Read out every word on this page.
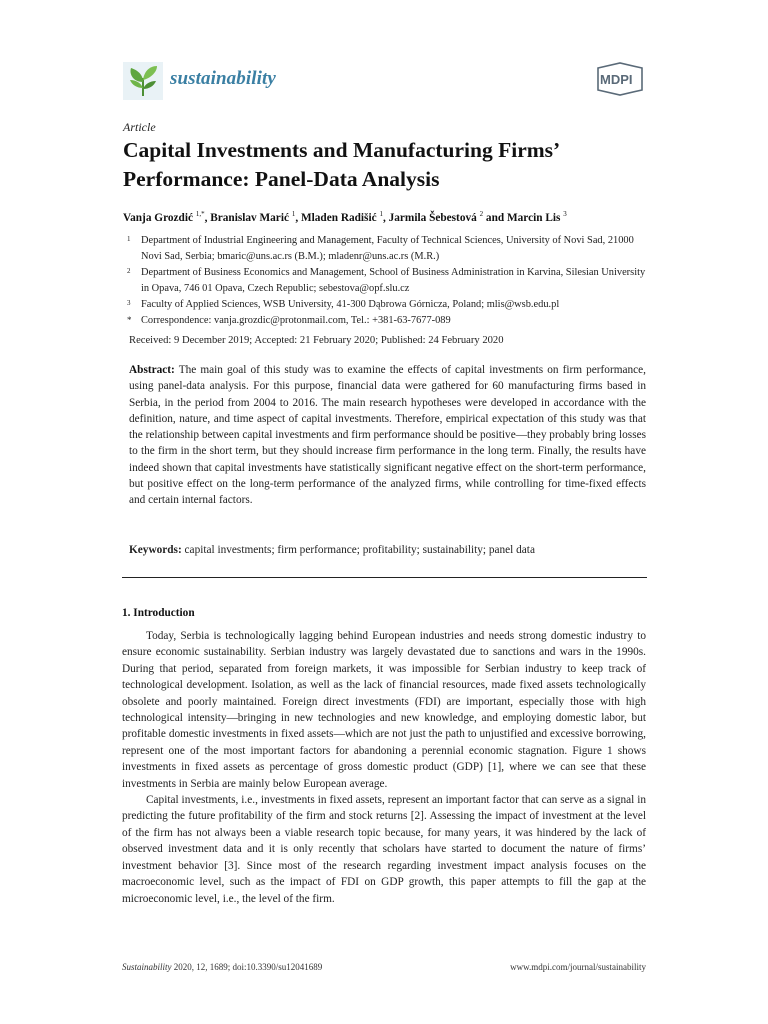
sustainability	MDPI
Article
Capital Investments and Manufacturing Firms’ Performance: Panel-Data Analysis
Vanja Grozdić $^{1,*}$, Branislav Marić $^1$, Mladen Radišić $^1$, Jarmila Šebestová $^2$ and Marcin Lis $^3$
1 Department of Industrial Engineering and Management, Faculty of Technical Sciences, University of Novi Sad, 21000 Novi Sad, Serbia; bmaric@uns.ac.rs (B.M.); mladenr@uns.ac.rs (M.R.)
2 Department of Business Economics and Management, School of Business Administration in Karvina, Silesian University in Opava, 746 01 Opava, Czech Republic; sebestova@opf.slu.cz
3 Faculty of Applied Sciences, WSB University, 41-300 Dąbrowa Górnicza, Poland; mlis@wsb.edu.pl
* Correspondence: vanja.grozdic@protonmail.com, Tel.: +381-63-7677-089
Received: 9 December 2019; Accepted: 21 February 2020; Published: 24 February 2020
Abstract: The main goal of this study was to examine the effects of capital investments on firm performance, using panel-data analysis. For this purpose, financial data were gathered for 60 manufacturing firms based in Serbia, in the period from 2004 to 2016. The main research hypotheses were developed in accordance with the definition, nature, and time aspect of capital investments. Therefore, empirical expectation of this study was that the relationship between capital investments and firm performance should be positive—they probably bring losses to the firm in the short term, but they should increase firm performance in the long term. Finally, the results have indeed shown that capital investments have statistically significant negative effect on the short-term performance, but positive effect on the long-term performance of the analyzed firms, while controlling for time-fixed effects and certain internal factors.
Keywords: capital investments; firm performance; profitability; sustainability; panel data
1. Introduction

Today, Serbia is technologically lagging behind European industries and needs strong domestic industry to ensure economic sustainability. Serbian industry was largely devastated due to sanctions and wars in the 1990s. During that period, separated from foreign markets, it was impossible for Serbian industry to keep track of technological development. Isolation, as well as the lack of financial resources, made fixed assets technologically obsolete and poorly maintained. Foreign direct investments (FDI) are important, especially those with high technological intensity—bringing in new technologies and new knowledge, and employing domestic labor, but profitable domestic investments in fixed assets—which are not just the path to unjustified and excessive borrowing, represent one of the most important factors for abandoning a perennial economic stagnation. Figure 1 shows investments in fixed assets as percentage of gross domestic product (GDP) [1], where we can see that these investments in Serbia are mainly below European average.

Capital investments, i.e., investments in fixed assets, represent an important factor that can serve as a signal in predicting the future profitability of the firm and stock returns [2]. Assessing the impact of investment at the level of the firm has not always been a viable research topic because, for many years, it was hindered by the lack of observed investment data and it is only recently that scholars have started to document the nature of firms’ investment behavior [3]. Since most of the research regarding investment impact analysis focuses on the macroeconomic level, such as the impact of FDI on GDP growth, this paper attempts to fill the gap at the microeconomic level, i.e., the level of the firm.

Sustainability 2020, 12, 1689; doi:10.3390/su12041689	www.mdpi.com/journal/sustainability
